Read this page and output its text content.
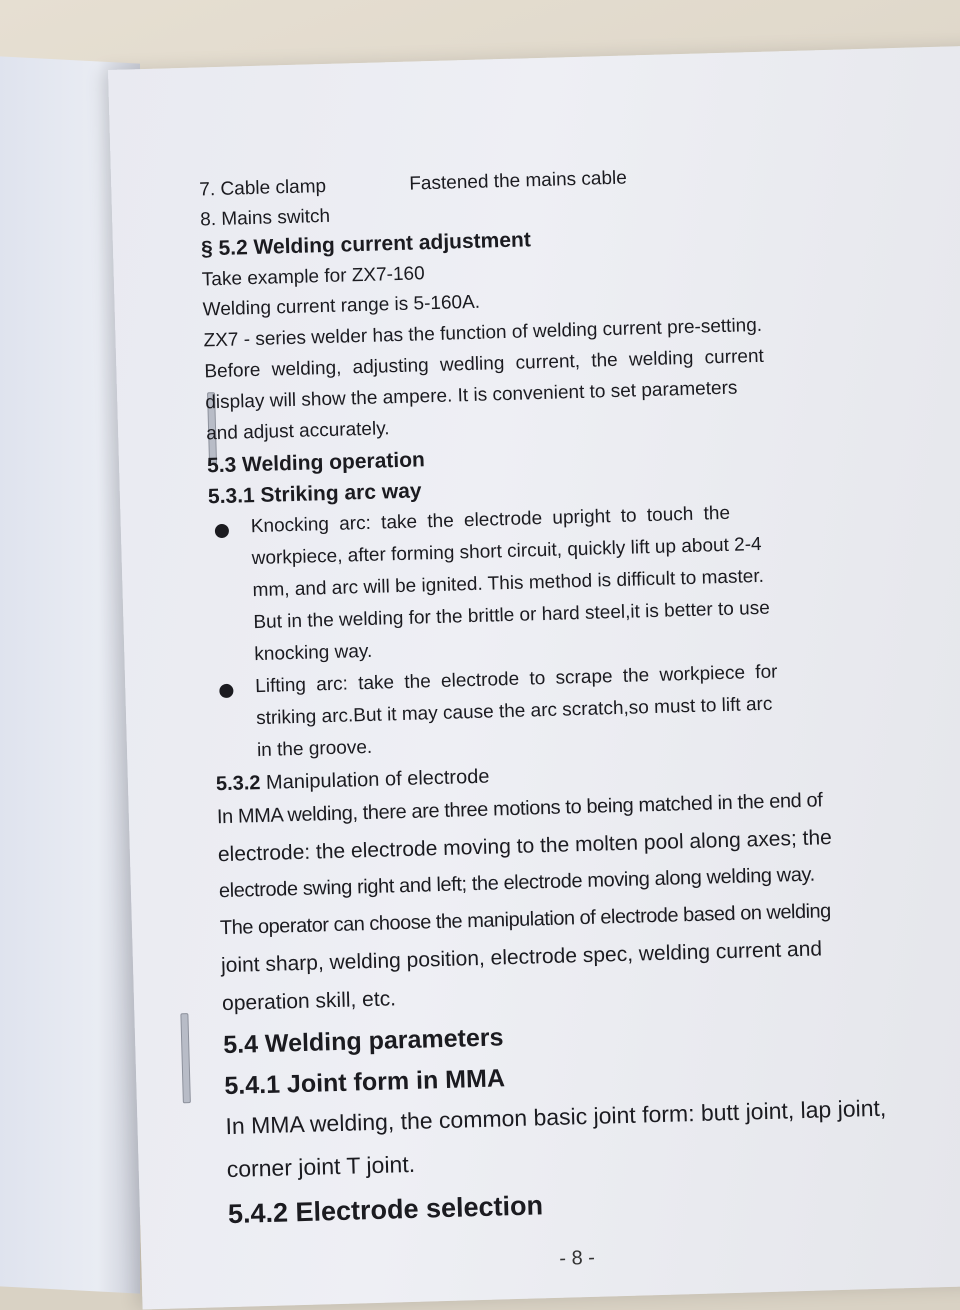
7. Cable clamp	Fastened the mains cable
8. Mains switch
§ 5.2 Welding current adjustment
Take example for ZX7-160
Welding current range is 5-160A.
ZX7 - series welder has the function of welding current pre-setting.
Before welding, adjusting wedling current, the welding current
display will show the ampere. It is convenient to set parameters
and adjust accurately.
5.3 Welding operation
5.3.1 Striking arc way
Knocking arc: take the electrode upright to touch the
workpiece, after forming short circuit, quickly lift up about 2-4
mm, and arc will be ignited. This method is difficult to master.
But in the welding for the brittle or hard steel,it is better to use
knocking way.
Lifting arc: take the electrode to scrape the workpiece for
striking arc.But it may cause the arc scratch,so must to lift arc
in the groove.
5.3.2 Manipulation of electrode
In MMA welding, there are three motions to being matched in the end of
electrode: the electrode moving to the molten pool along axes; the
electrode swing right and left; the electrode moving along welding way.
The operator can choose the manipulation of electrode based on welding
joint sharp, welding position, electrode spec, welding current and
operation skill, etc.
5.4 Welding parameters
5.4.1 Joint form in MMA
In MMA welding, the common basic joint form: butt joint, lap joint,
corner joint T joint.
5.4.2 Electrode selection
- 8 -
